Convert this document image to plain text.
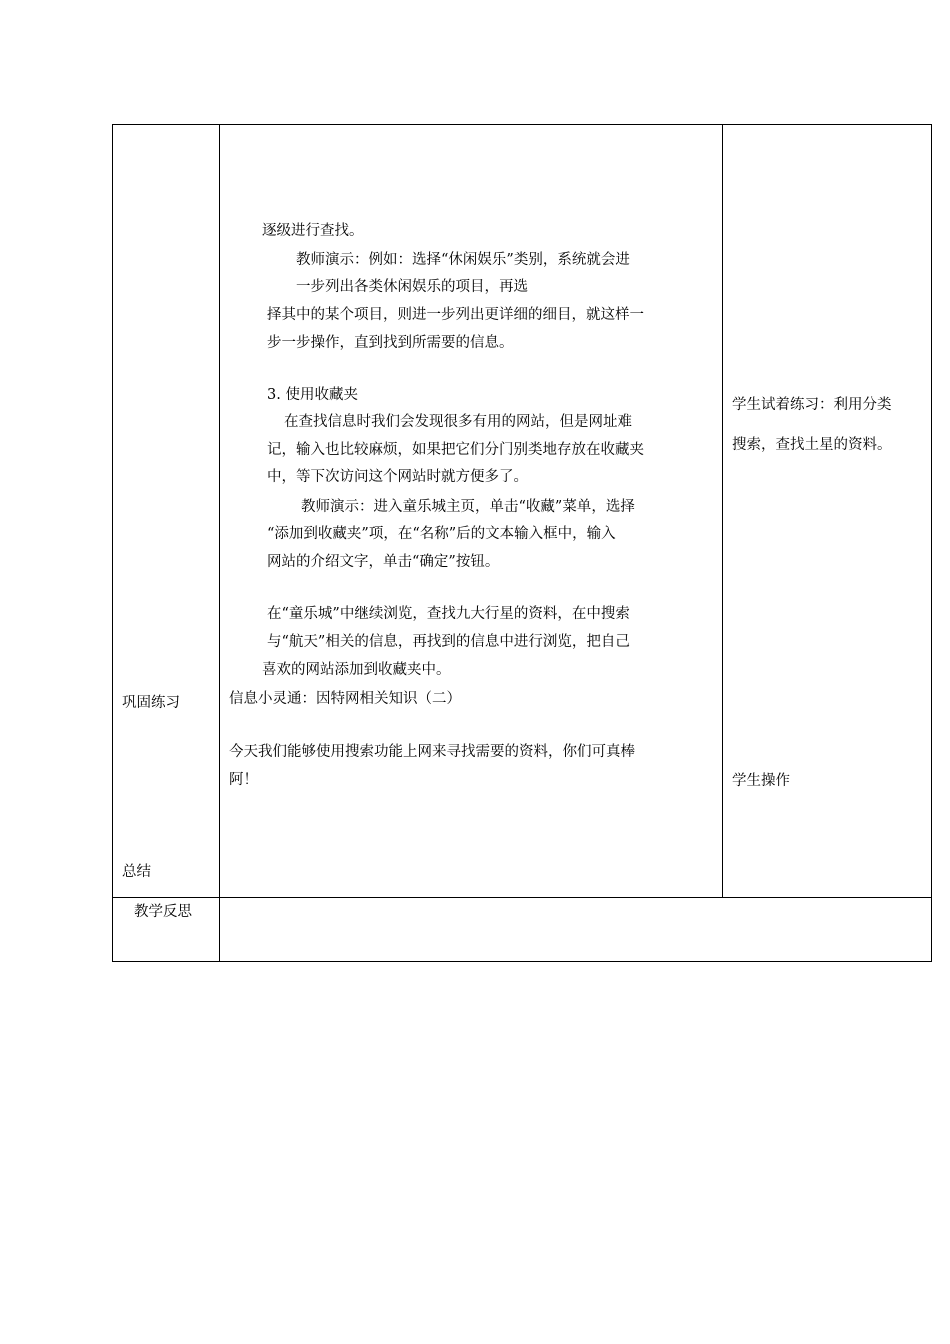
巩固练习
总结
教学反思
逐级进行查找。
教师演示：例如：选择“休闲娱乐”类别，系统就会进
一步列出各类休闲娱乐的项目，再选
择其中的某个项目，则进一步列出更详细的细目，就这样一
步一步操作，直到找到所需要的信息。
3. 使用收藏夹
在查找信息时我们会发现很多有用的网站，但是网址难
记，输入也比较麻烦，如果把它们分门别类地存放在收藏夹
中，等下次访问这个网站时就方便多了。
教师演示：进入童乐城主页，单击“收藏”菜单，选择
“添加到收藏夹”项，在“名称”后的文本输入框中，输入
网站的介绍文字，单击“确定”按钮。
在“童乐城”中继续浏览，查找九大行星的资料，在中搜索
与“航天”相关的信息，再找到的信息中进行浏览，把自己
喜欢的网站添加到收藏夹中。
信息小灵通：因特网相关知识（二）
今天我们能够使用搜索功能上网来寻找需要的资料，你们可真棒
阿！
学生试着练习：利用分类
搜索，查找土星的资料。
学生操作
